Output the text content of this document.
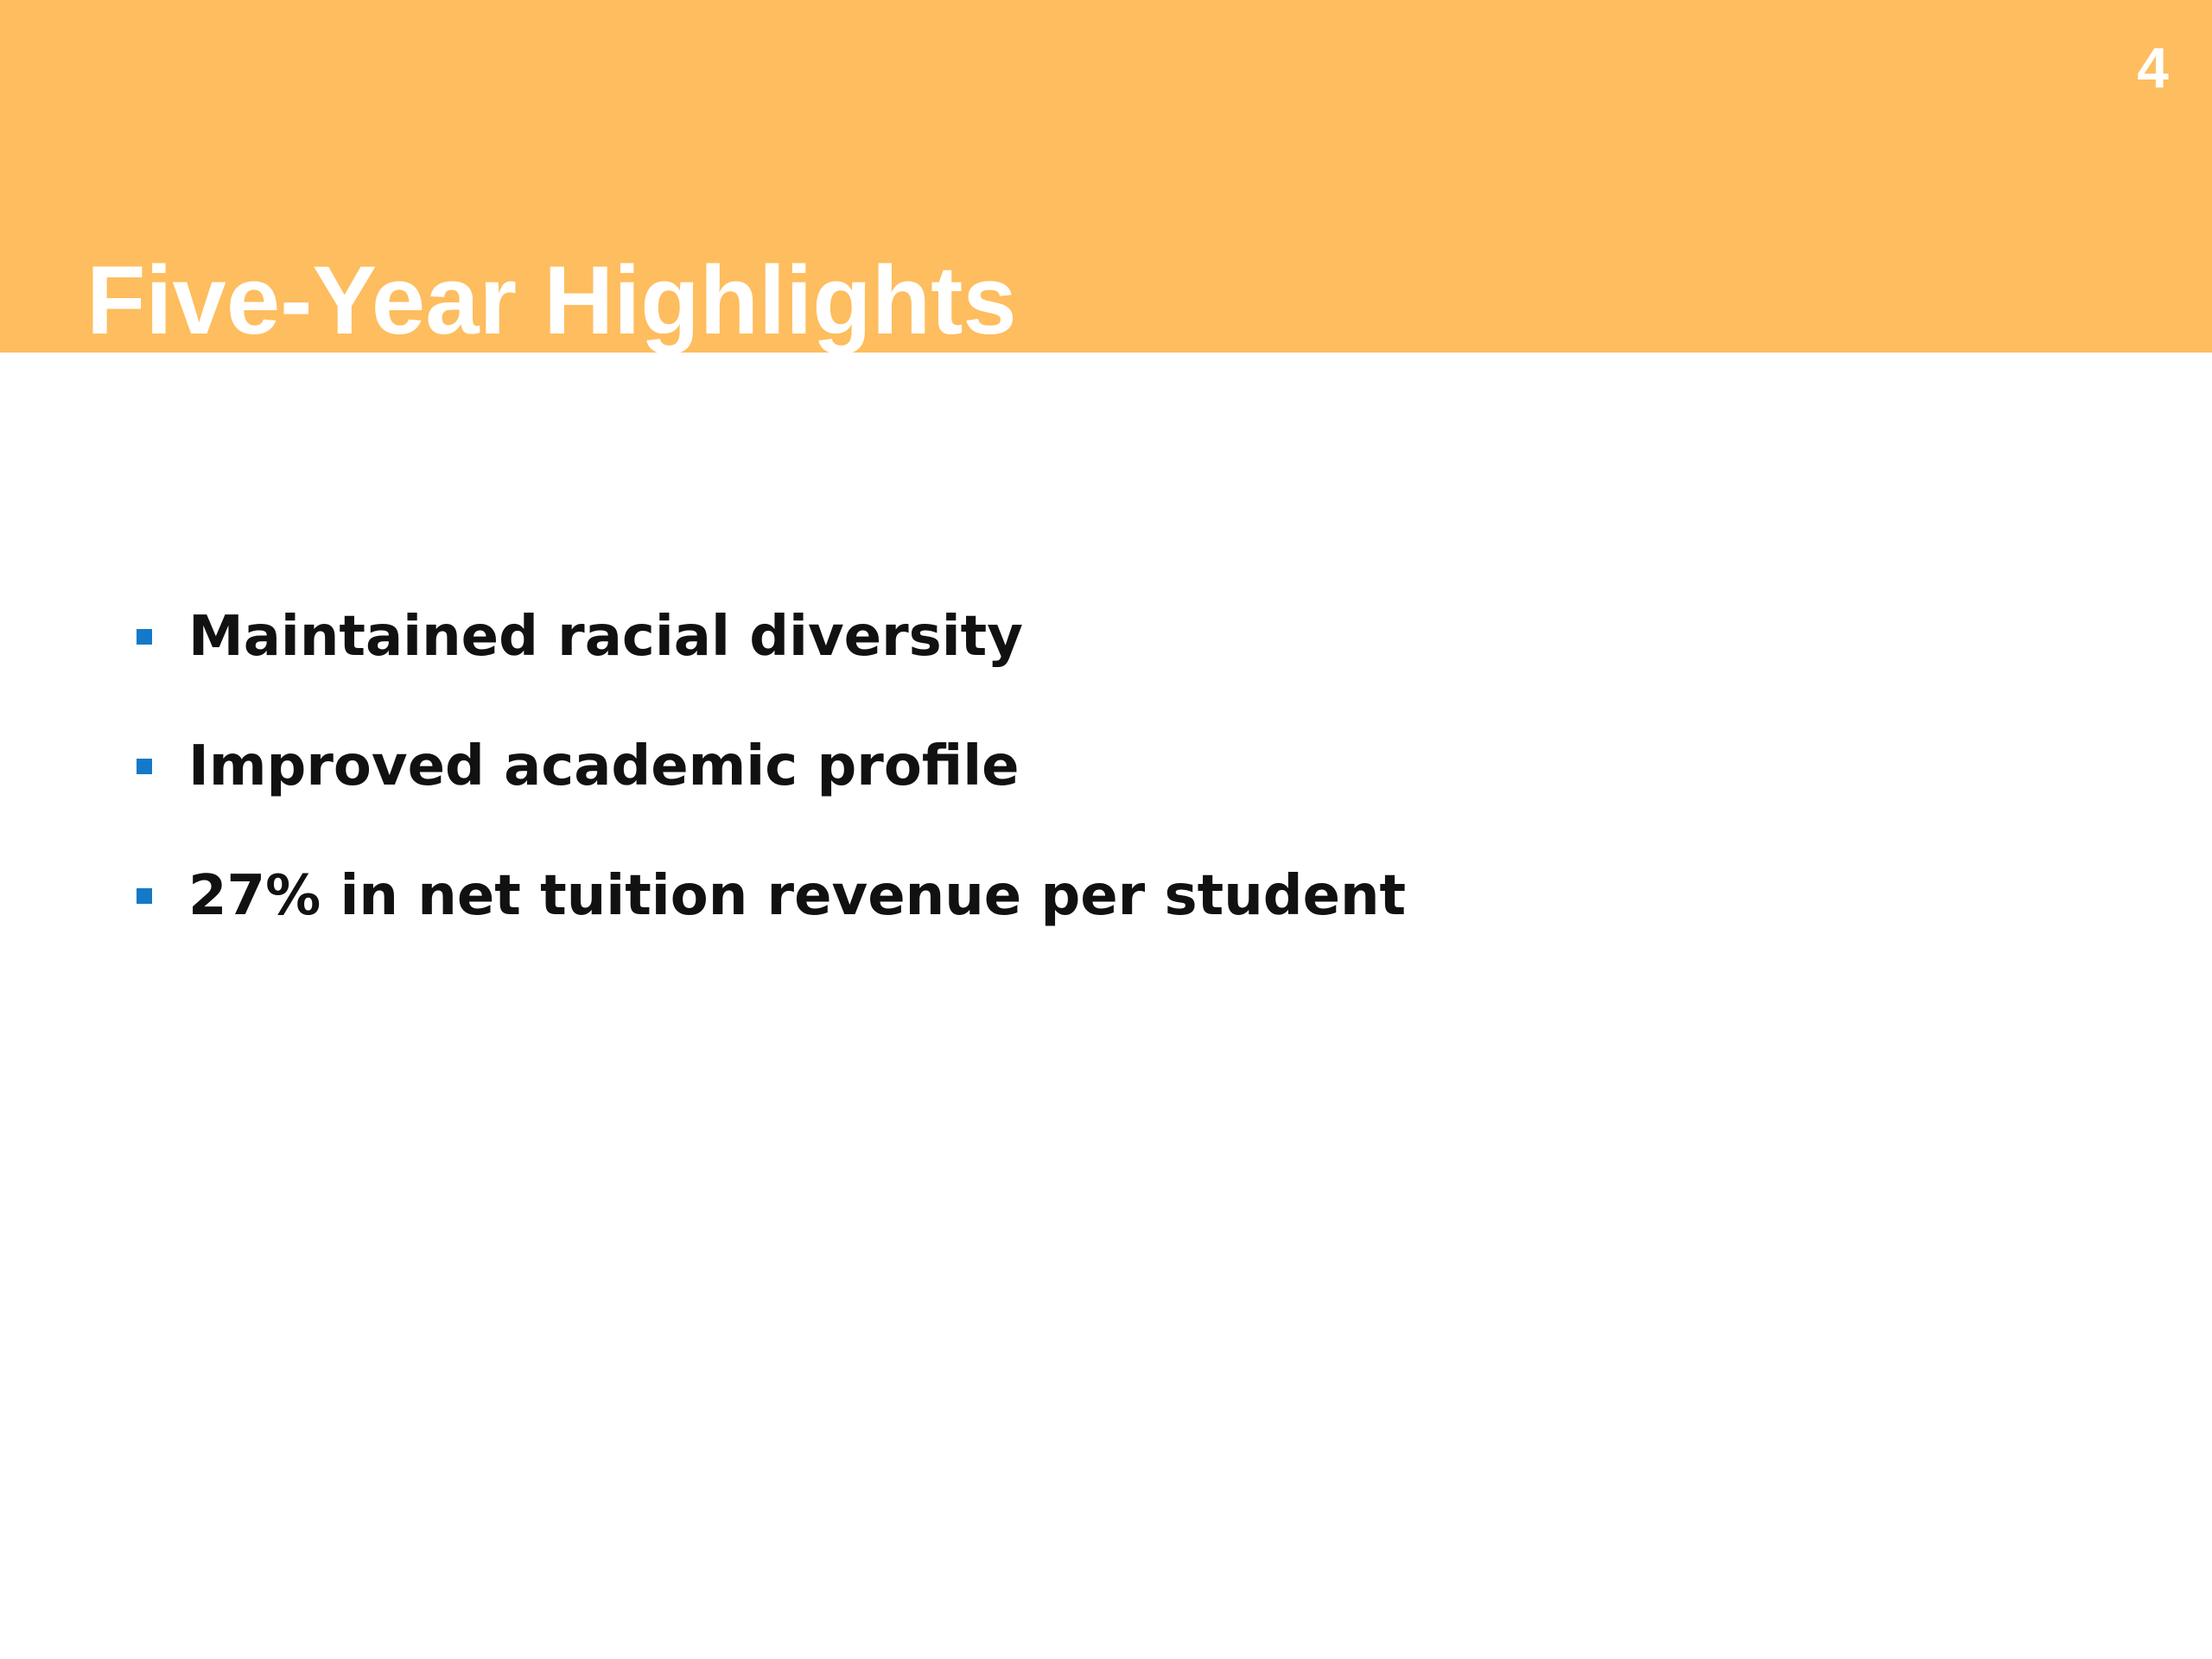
4
Five-Year Highlights
Maintained racial diversity
Improved academic profile
27% in net tuition revenue per student
